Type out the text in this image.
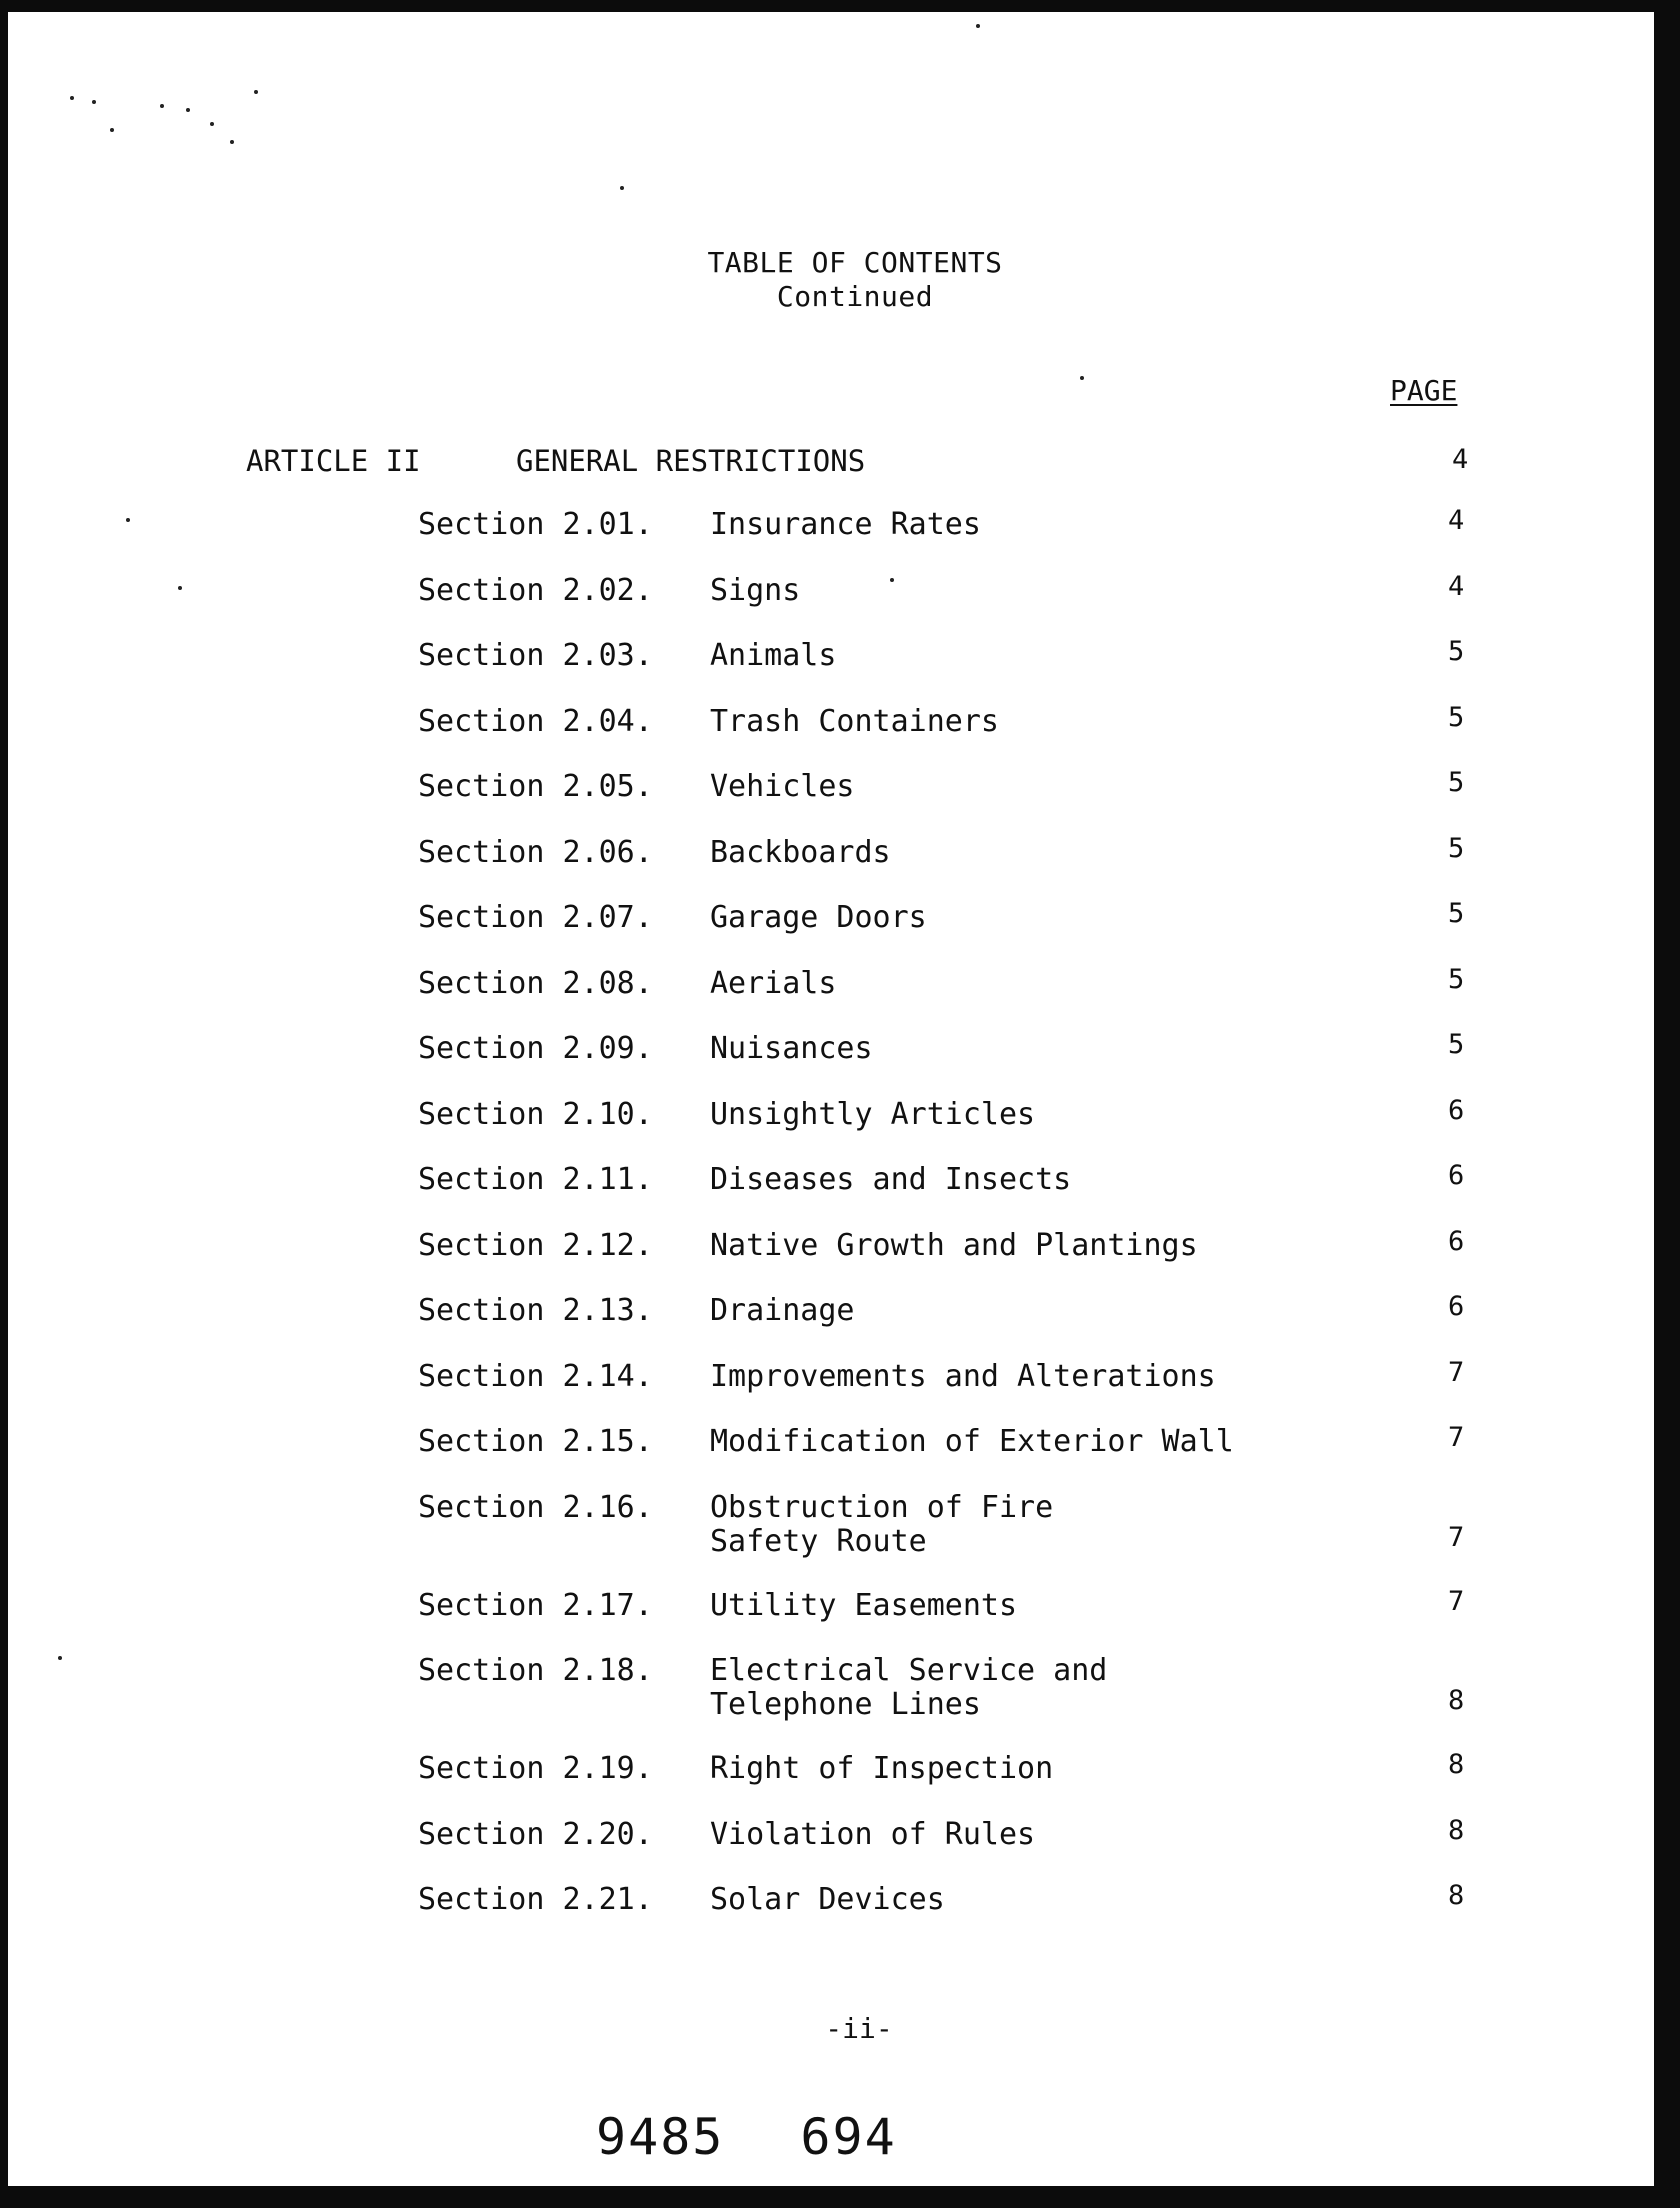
TABLE OF CONTENTS
Continued
PAGE
ARTICLE II	GENERAL RESTRICTIONS	4
Section 2.01. Insurance Rates	4
Section 2.02. Signs	4
Section 2.03. Animals	5
Section 2.04. Trash Containers	5
Section 2.05. Vehicles	5
Section 2.06. Backboards	5
Section 2.07. Garage Doors	5
Section 2.08. Aerials	5
Section 2.09. Nuisances	5
Section 2.10. Unsightly Articles	6
Section 2.11. Diseases and Insects	6
Section 2.12. Native Growth and Plantings	6
Section 2.13. Drainage	6
Section 2.14. Improvements and Alterations	7
Section 2.15. Modification of Exterior Wall	7
Section 2.16. Obstruction of Fire
Safety Route	7
Section 2.17. Utility Easements	7
Section 2.18. Electrical Service and
Telephone Lines	8
Section 2.19. Right of Inspection	8
Section 2.20. Violation of Rules	8
Section 2.21. Solar Devices	8
-ii-
9485 694
